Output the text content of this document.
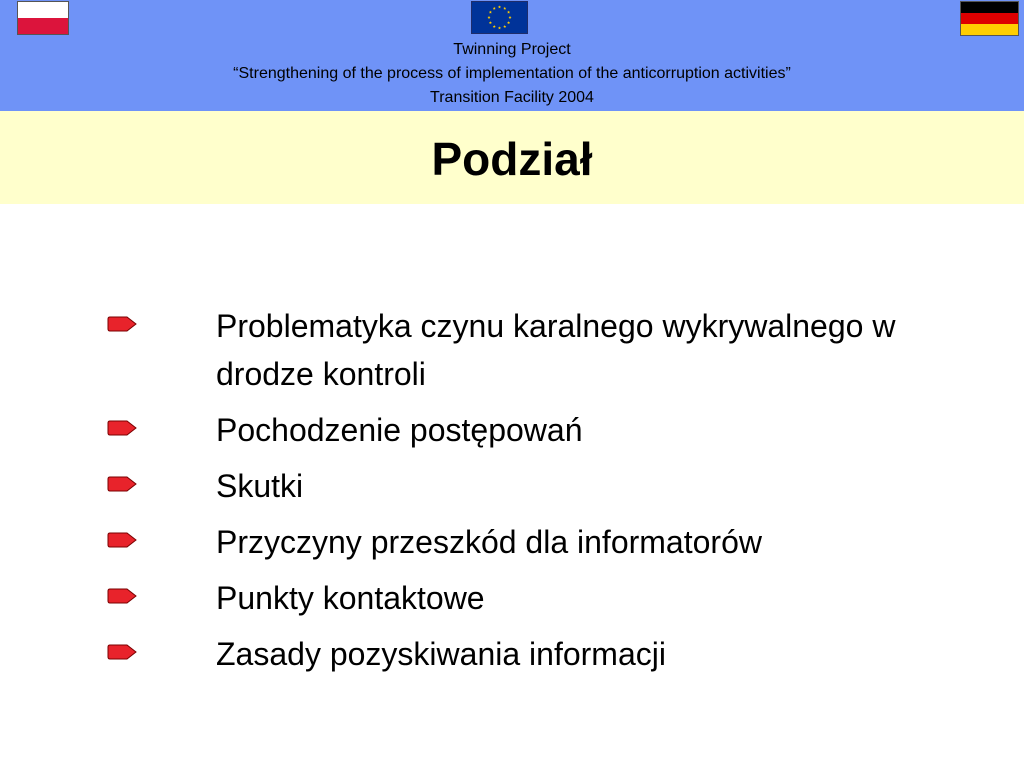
Twinning Project
“Strengthening of the process of implementation of the anticorruption activities”
Transition Facility 2004
Podział
Problematyka czynu karalnego wykrywalnego w drodze kontroli
Pochodzenie postępowań
Skutki
Przyczyny przeszkód dla informatorów
Punkty kontaktowe
Zasady pozyskiwania informacji
